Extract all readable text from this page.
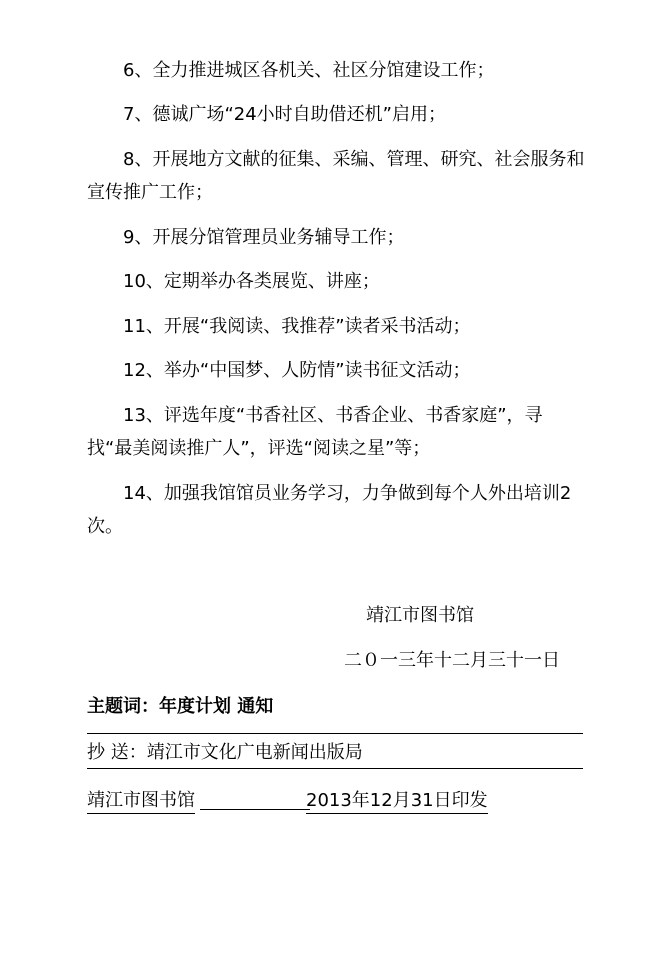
6、全力推进城区各机关、社区分馆建设工作；

7、德诚广场“24小时自助借还机”启用；

8、开展地方文献的征集、采编、管理、研究、社会服务和宣传推广工作；

9、开展分馆管理员业务辅导工作；

10、定期举办各类展览、讲座；

11、开展“我阅读、我推荐”读者采书活动；

12、举办“中国梦、人防情”读书征文活动；

13、评选年度“书香社区、书香企业、书香家庭”，寻找“最美阅读推广人”，评选“阅读之星”等；

14、加强我馆馆员业务学习，力争做到每个人外出培训2次。

靖江市图书馆
二０一三年十二月三十一日
主题词：年度计划 通知
抄 送：靖江市文化广电新闻出版局
靖江市图书馆	2013年12月31日印发
